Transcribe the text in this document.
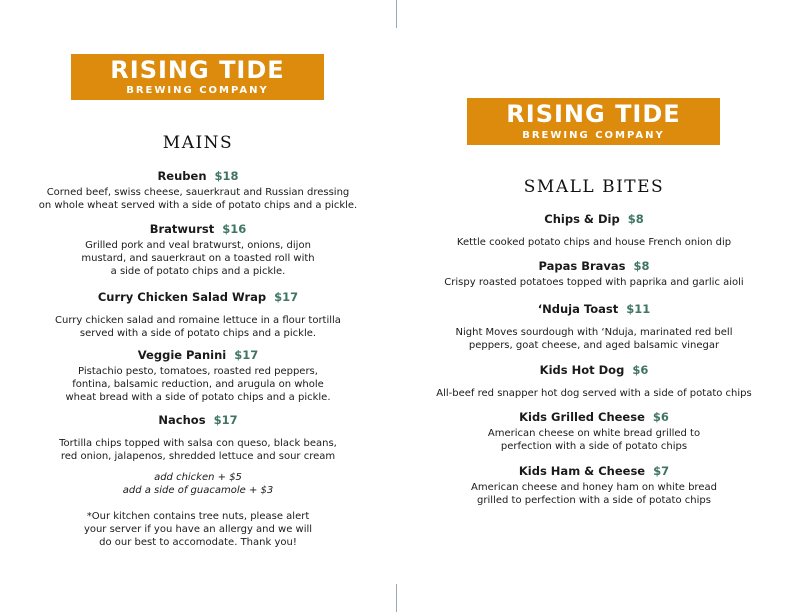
RISING TIDE
BREWING COMPANY
RISING TIDE
BREWING COMPANY
MAINS
Reuben $18
Corned beef, swiss cheese, sauerkraut and Russian dressing
on whole wheat served with a side of potato chips and a pickle.
Bratwurst $16
Grilled pork and veal bratwurst, onions, dijon
mustard, and sauerkraut on a toasted roll with
a side of potato chips and a pickle.
Curry Chicken Salad Wrap $17
Curry chicken salad and romaine lettuce in a flour tortilla
served with a side of potato chips and a pickle.
Veggie Panini $17
Pistachio pesto, tomatoes, roasted red peppers,
fontina, balsamic reduction, and arugula on whole
wheat bread with a side of potato chips and a pickle.
Nachos $17
Tortilla chips topped with salsa con queso, black beans,
red onion, jalapenos, shredded lettuce and sour cream
add chicken + $5
add a side of guacamole + $3
*Our kitchen contains tree nuts, please alert
your server if you have an allergy and we will
do our best to accomodate. Thank you!
SMALL BITES
Chips & Dip $8
Kettle cooked potato chips and house French onion dip
Papas Bravas $8
Crispy roasted potatoes topped with paprika and garlic aioli
‘Nduja Toast $11
Night Moves sourdough with ‘Nduja, marinated red bell
peppers, goat cheese, and aged balsamic vinegar
Kids Hot Dog $6
All-beef red snapper hot dog served with a side of potato chips
Kids Grilled Cheese $6
American cheese on white bread grilled to
perfection with a side of potato chips
Kids Ham & Cheese $7
American cheese and honey ham on white bread
grilled to perfection with a side of potato chips
